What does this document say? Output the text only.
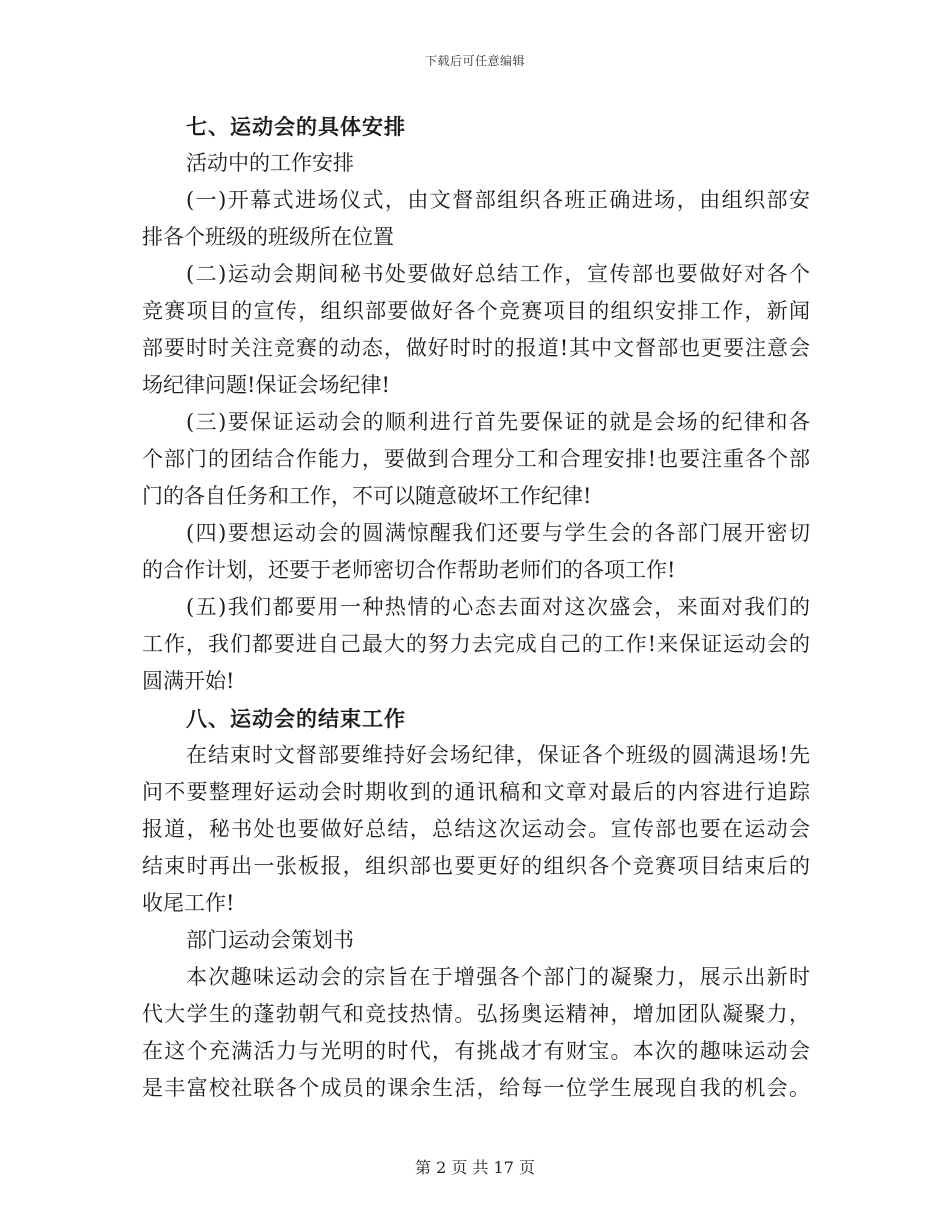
下载后可任意编辑
七、运动会的具体安排
活动中的工作安排
(一)开幕式进场仪式，由文督部组织各班正确进场，由组织部安
排各个班级的班级所在位置
(二)运动会期间秘书处要做好总结工作，宣传部也要做好对各个
竞赛项目的宣传，组织部要做好各个竞赛项目的组织安排工作，新闻
部要时时关注竞赛的动态，做好时时的报道!其中文督部也更要注意会
场纪律问题!保证会场纪律!
(三)要保证运动会的顺利进行首先要保证的就是会场的纪律和各
个部门的团结合作能力，要做到合理分工和合理安排!也要注重各个部
门的各自任务和工作，不可以随意破坏工作纪律!
(四)要想运动会的圆满惊醒我们还要与学生会的各部门展开密切
的合作计划，还要于老师密切合作帮助老师们的各项工作!
(五)我们都要用一种热情的心态去面对这次盛会，来面对我们的
工作，我们都要进自己最大的努力去完成自己的工作!来保证运动会的
圆满开始!
八、运动会的结束工作
在结束时文督部要维持好会场纪律，保证各个班级的圆满退场!先
问不要整理好运动会时期收到的通讯稿和文章对最后的内容进行追踪
报道，秘书处也要做好总结，总结这次运动会。宣传部也要在运动会
结束时再出一张板报，组织部也要更好的组织各个竞赛项目结束后的
收尾工作!
部门运动会策划书
本次趣味运动会的宗旨在于增强各个部门的凝聚力，展示出新时
代大学生的蓬勃朝气和竞技热情。弘扬奥运精神，增加团队凝聚力，
在这个充满活力与光明的时代，有挑战才有财宝。本次的趣味运动会
是丰富校社联各个成员的课余生活，给每一位学生展现自我的机会。
第 2 页 共 17 页
